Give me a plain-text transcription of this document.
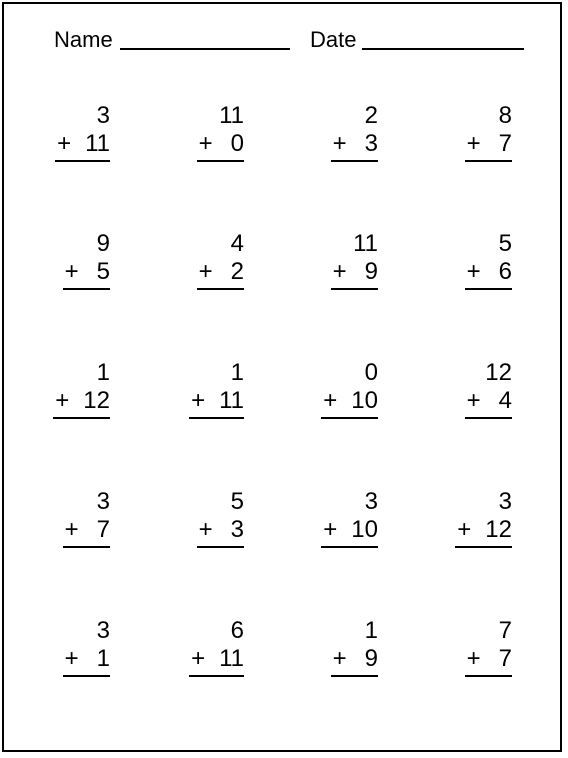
Name	Date
3
+ 11
11
+ 0
2
+ 3
8
+ 7
9
+ 5
4
+ 2
11
+ 9
5
+ 6
1
+ 12
1
+ 11
0
+ 10
12
+ 4
3
+ 7
5
+ 3
3
+ 10
3
+ 12
3
+ 1
6
+ 11
1
+ 9
7
+ 7
